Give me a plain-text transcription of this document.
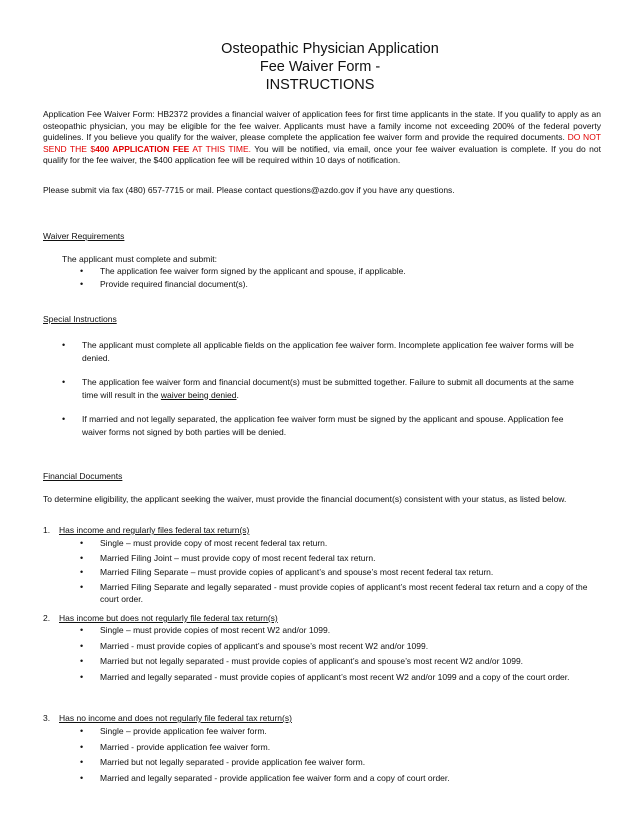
Osteopathic Physician Application
Fee Waiver Form -
INSTRUCTIONS
Application Fee Waiver Form: HB2372 provides a financial waiver of application fees for first time applicants in the state. If you qualify to apply as an osteopathic physician, you may be eligible for the fee waiver. Applicants must have a family income not exceeding 200% of the federal poverty guidelines. If you believe you qualify for the waiver, please complete the application fee waiver form and provide the required documents. DO NOT SEND THE $400 APPLICATION FEE AT THIS TIME. You will be notified, via email, once your fee waiver evaluation is complete. If you do not qualify for the fee waiver, the $400 application fee will be required within 10 days of notification.
Please submit via fax (480) 657-7715 or mail. Please contact questions@azdo.gov if you have any questions.
Waiver Requirements
The applicant must complete and submit:
• The application fee waiver form signed by the applicant and spouse, if applicable.
• Provide required financial document(s).
Special Instructions
• The applicant must complete all applicable fields on the application fee waiver form. Incomplete application fee waiver forms will be denied.
• The application fee waiver form and financial document(s) must be submitted together. Failure to submit all documents at the same time will result in the waiver being denied.
• If married and not legally separated, the application fee waiver form must be signed by the applicant and spouse. Application fee waiver forms not signed by both parties will be denied.
Financial Documents
To determine eligibility, the applicant seeking the waiver, must provide the financial document(s) consistent with your status, as listed below.
1. Has income and regularly files federal tax return(s)
• Single – must provide copy of most recent federal tax return.
• Married Filing Joint – must provide copy of most recent federal tax return.
• Married Filing Separate – must provide copies of applicant’s and spouse’s most recent federal tax return.
• Married Filing Separate and legally separated - must provide copies of applicant’s most recent federal tax return and a copy of the court order.
2. Has income but does not regularly file federal tax return(s)
• Single – must provide copies of most recent W2 and/or 1099.
• Married - must provide copies of applicant’s and spouse’s most recent W2 and/or 1099.
• Married but not legally separated - must provide copies of applicant’s and spouse’s most recent W2 and/or 1099.
• Married and legally separated - must provide copies of applicant’s most recent W2 and/or 1099 and a copy of the court order.
3. Has no income and does not regularly file federal tax return(s)
• Single – provide application fee waiver form.
• Married - provide application fee waiver form.
• Married but not legally separated - provide application fee waiver form.
• Married and legally separated - provide application fee waiver form and a copy of court order.
